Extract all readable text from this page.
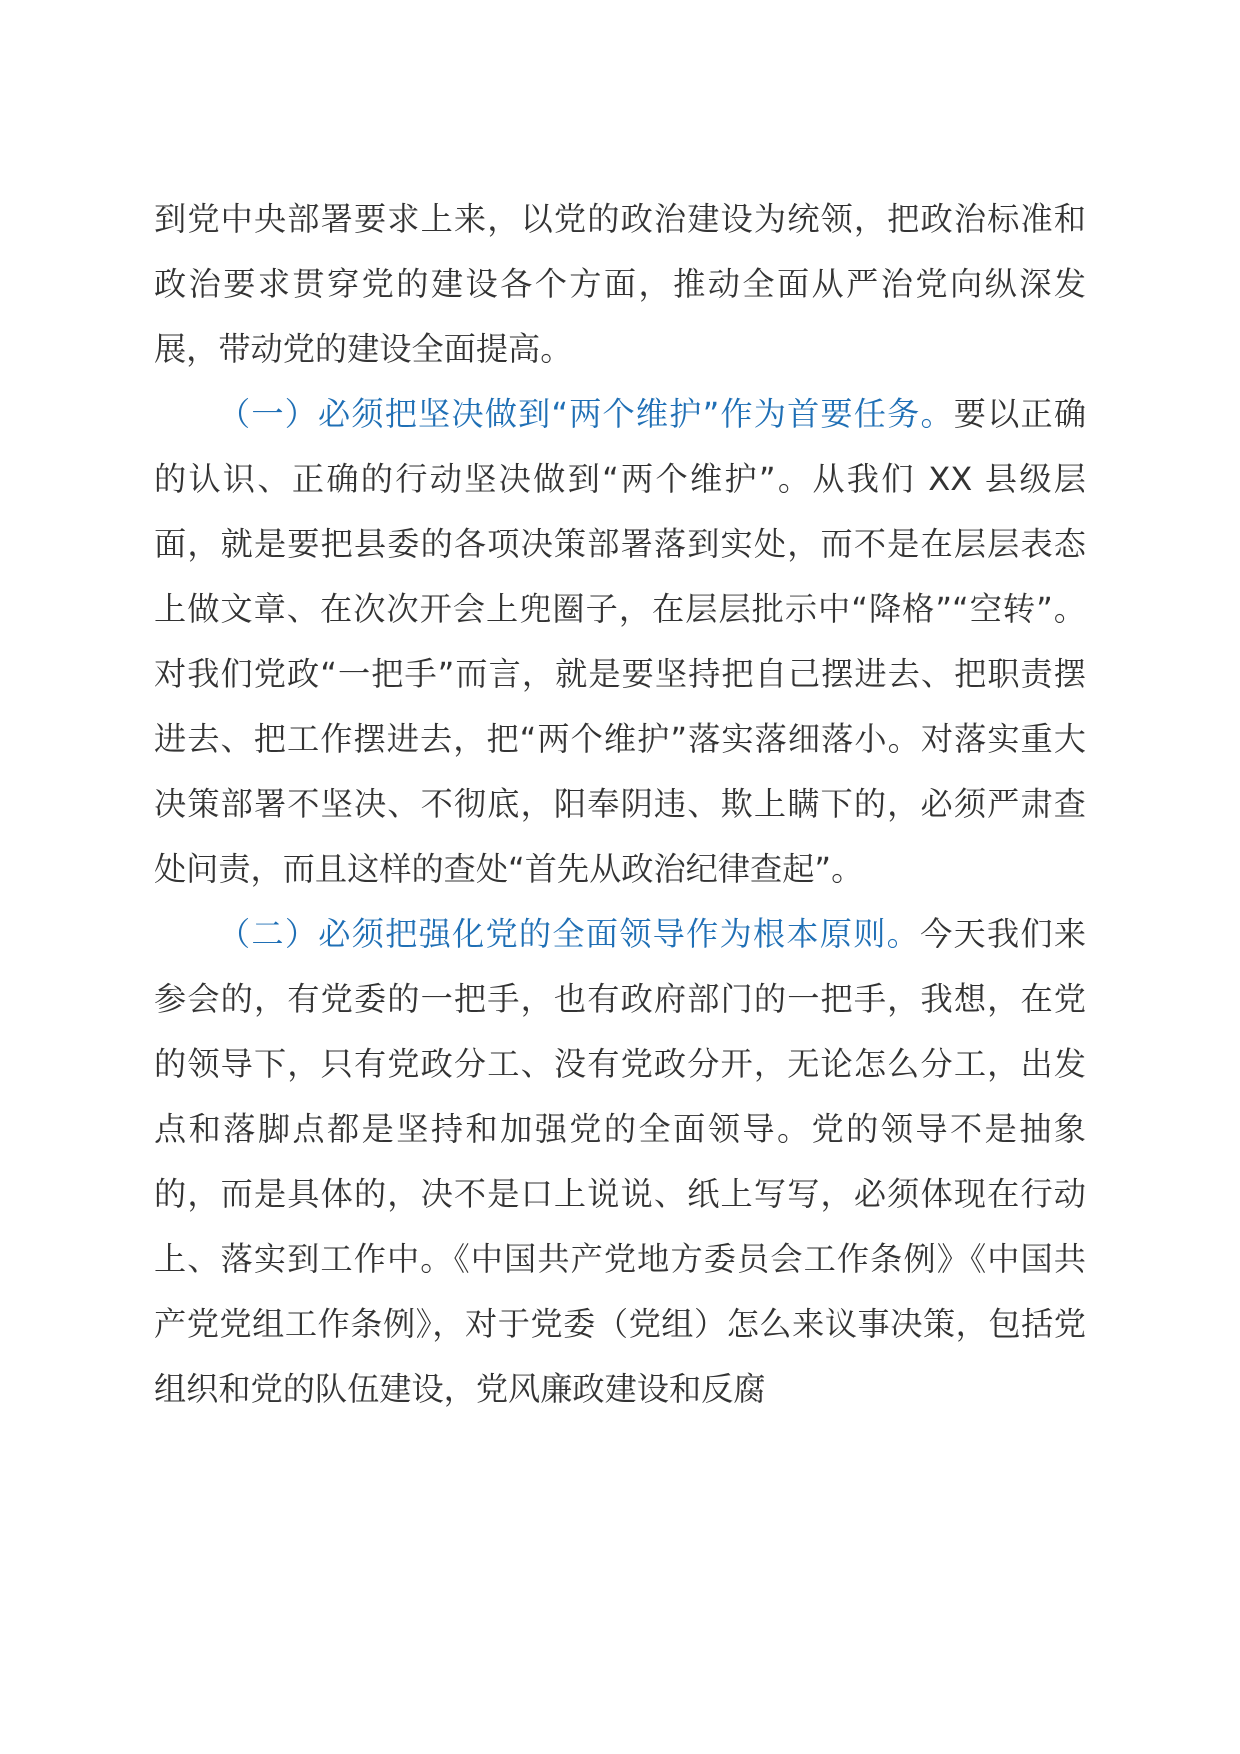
到党中央部署要求上来，以党的政治建设为统领，把政治标准和政治要求贯穿党的建设各个方面，推动全面从严治党向纵深发展，带动党的建设全面提高。

（一）必须把坚决做到“两个维护”作为首要任务。要以正确的认识、正确的行动坚决做到“两个维护”。从我们 XX 县级层面，就是要把县委的各项决策部署落到实处，而不是在层层表态上做文章、在次次开会上兜圈子，在层层批示中“降格”“空转”。对我们党政“一把手”而言，就是要坚持把自己摆进去、把职责摆进去、把工作摆进去，把“两个维护”落实落细落小。对落实重大决策部署不坚决、不彻底，阳奉阴违、欺上瞒下的，必须严肃查处问责，而且这样的查处“首先从政治纪律查起”。

（二）必须把强化党的全面领导作为根本原则。今天我们来参会的，有党委的一把手，也有政府部门的一把手，我想，在党的领导下，只有党政分工、没有党政分开，无论怎么分工，出发点和落脚点都是坚持和加强党的全面领导。党的领导不是抽象的，而是具体的，决不是口上说说、纸上写写，必须体现在行动上、落实到工作中。《中国共产党地方委员会工作条例》《中国共产党党组工作条例》，对于党委（党组）怎么来议事决策，包括党组织和党的队伍建设，党风廉政建设和反腐
